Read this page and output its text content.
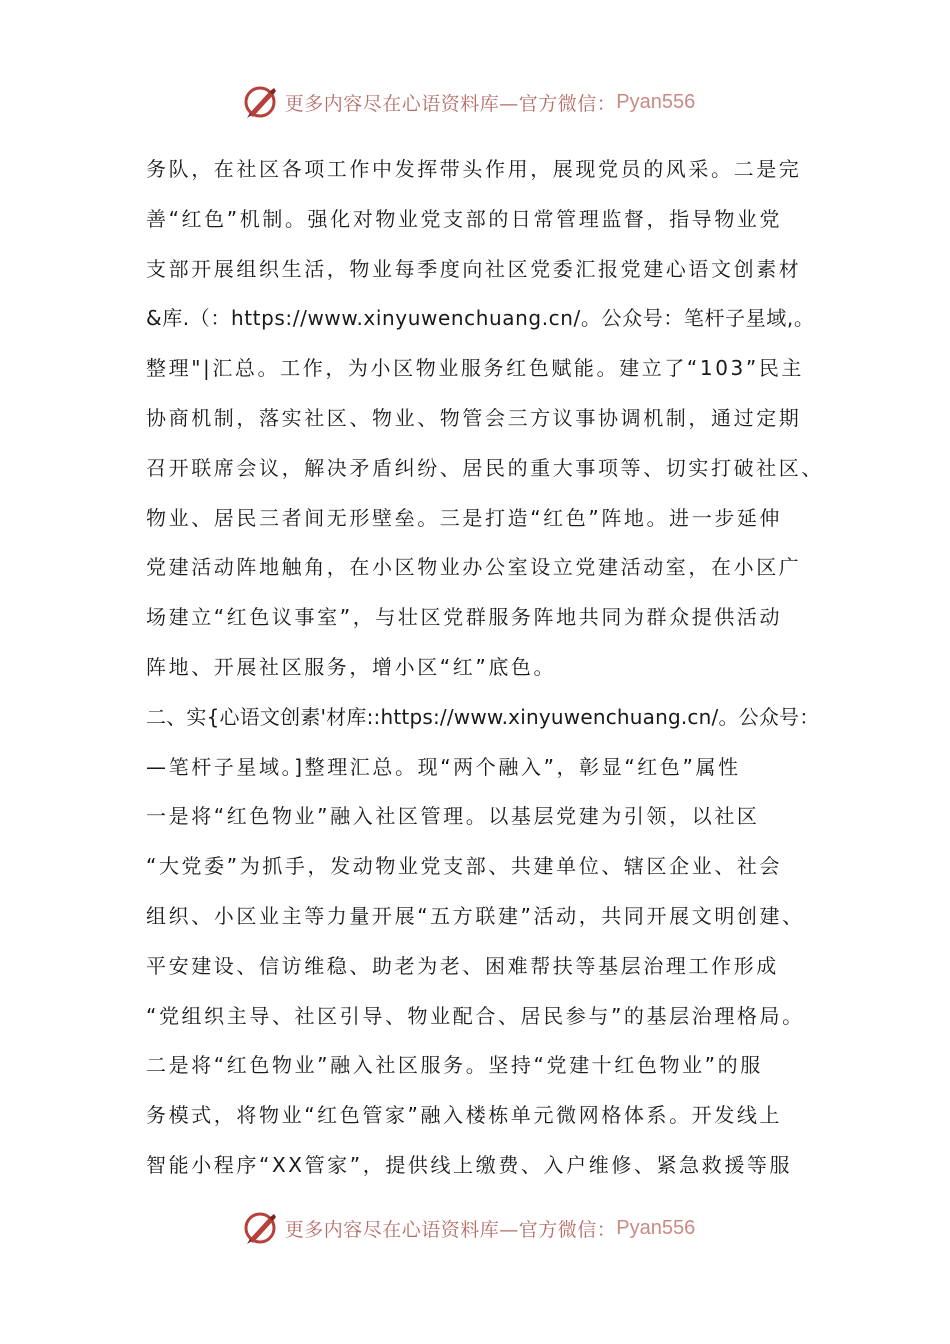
更多内容尽在心语资料库—官方微信： Pyan556
务队，在社区各项工作中发挥带头作用，展现党员的风采。二是完
善“红色”机制。强化对物业党支部的日常管理监督，指导物业党
支部开展组织生活，物业每季度向社区党委汇报党建心语文创素材
&库.（：https://www.xinyuwenchuang.cn/。公众号：笔杆子星域,。
整理"|汇总。工作，为小区物业服务红色赋能。建立了“103”民主
协商机制，落实社区、物业、物管会三方议事协调机制，通过定期
召开联席会议，解决矛盾纠纷、居民的重大事项等、切实打破社区、
物业、居民三者间无形壁垒。三是打造“红色”阵地。进一步延伸
党建活动阵地触角，在小区物业办公室设立党建活动室，在小区广
场建立“红色议事室”，与壮区党群服务阵地共同为群众提供活动
阵地、开展社区服务，增小区“红”底色。
二、实{心语文创素'材库::https://www.xinyuwenchuang.cn/。公众号：
—笔杆子星域。]整理汇总。现“两个融入”，彰显“红色”属性
一是将“红色物业”融入社区管理。以基层党建为引领，以社区
“大党委”为抓手，发动物业党支部、共建单位、辖区企业、社会
组织、小区业主等力量开展“五方联建”活动，共同开展文明创建、
平安建设、信访维稳、助老为老、困难帮扶等基层治理工作形成
“党组织主导、社区引导、物业配合、居民参与”的基层治理格局。
二是将“红色物业”融入社区服务。坚持“党建十红色物业”的服
务模式，将物业“红色管家”融入楼栋单元微网格体系。开发线上
智能小程序“XX管家”，提供线上缴费、入户维修、紧急救援等服
更多内容尽在心语资料库—官方微信： Pyan556
